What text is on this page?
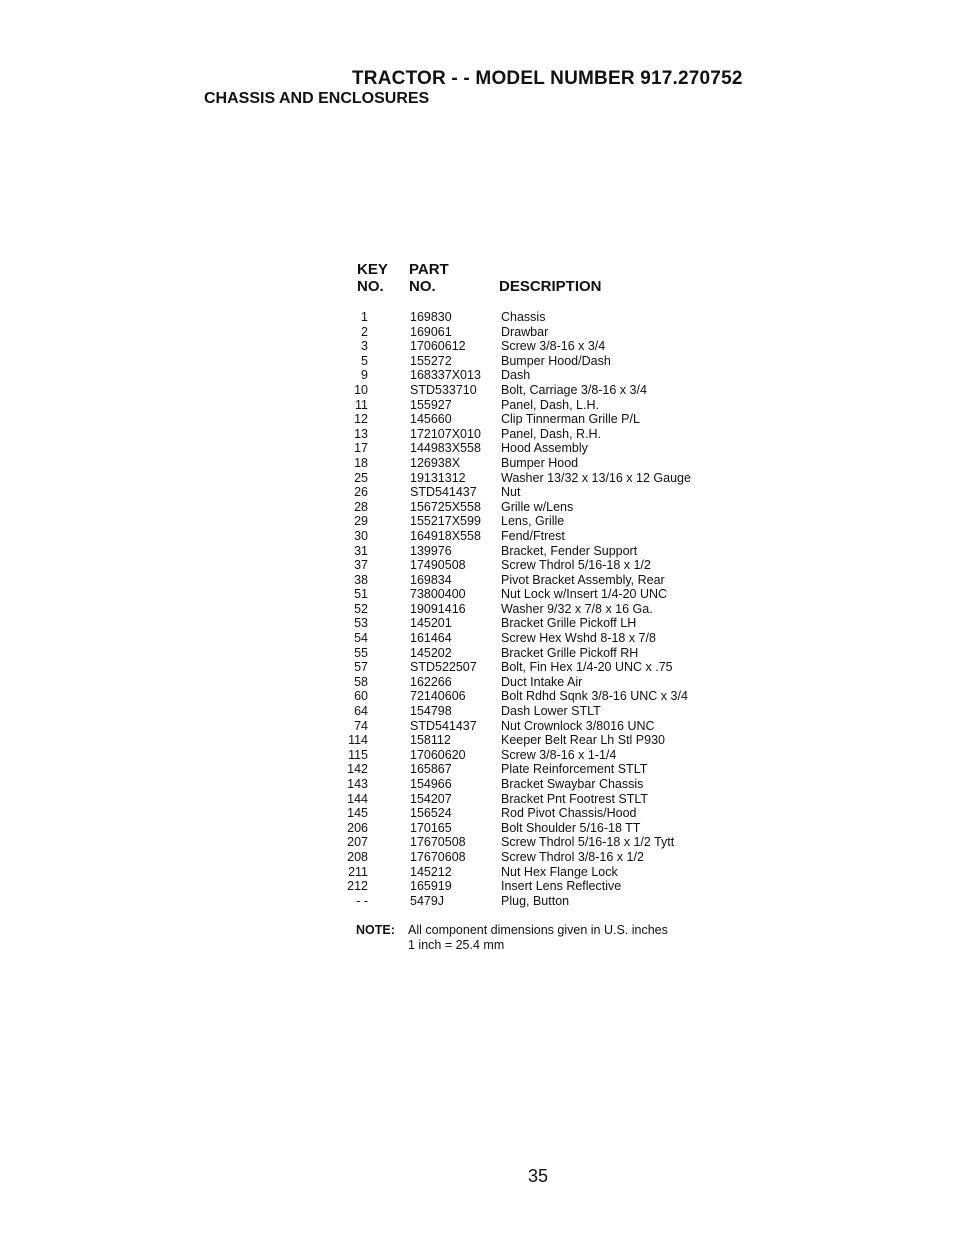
TRACTOR - - MODEL NUMBER 917.270752
CHASSIS AND ENCLOSURES
KEY
NO.
PART
NO.	DESCRIPTION
1	169830	Chassis
2	169061	Drawbar
3	17060612	Screw 3/8-16 x 3/4
5	155272	Bumper Hood/Dash
9	168337X013	Dash
10	STD533710	Bolt, Carriage 3/8-16 x 3/4
11	155927	Panel, Dash, L.H.
12	145660	Clip Tinnerman Grille P/L
13	172107X010	Panel, Dash, R.H.
17	144983X558	Hood Assembly
18	126938X	Bumper Hood
25	19131312	Washer 13/32 x 13/16 x 12 Gauge
26	STD541437	Nut
28	156725X558	Grille w/Lens
29	155217X599	Lens, Grille
30	164918X558	Fend/Ftrest
31	139976	Bracket, Fender Support
37	17490508	Screw Thdrol 5/16-18 x 1/2
38	169834	Pivot Bracket Assembly, Rear
51	73800400	Nut Lock w/Insert 1/4-20 UNC
52	19091416	Washer 9/32 x 7/8 x 16 Ga.
53	145201	Bracket Grille Pickoff LH
54	161464	Screw Hex Wshd 8-18 x 7/8
55	145202	Bracket Grille Pickoff RH
57	STD522507	Bolt, Fin Hex 1/4-20 UNC x .75
58	162266	Duct Intake Air
60	72140606	Bolt Rdhd Sqnk 3/8-16 UNC x 3/4
64	154798	Dash Lower STLT
74	STD541437	Nut Crownlock 3/8016 UNC
114	158112	Keeper Belt Rear Lh Stl P930
115	17060620	Screw 3/8-16 x 1-1/4
142	165867	Plate Reinforcement STLT
143	154966	Bracket Swaybar Chassis
144	154207	Bracket Pnt Footrest STLT
145	156524	Rod Pivot Chassis/Hood
206	170165	Bolt Shoulder 5/16-18 TT
207	17670508	Screw Thdrol 5/16-18 x 1/2 Tytt
208	17670608	Screw Thdrol 3/8-16 x 1/2
211	145212	Nut Hex Flange Lock
212	165919	Insert Lens Reflective
- -	5479J	Plug, Button
NOTE:	All component dimensions given in U.S. inches
1 inch = 25.4 mm
35
